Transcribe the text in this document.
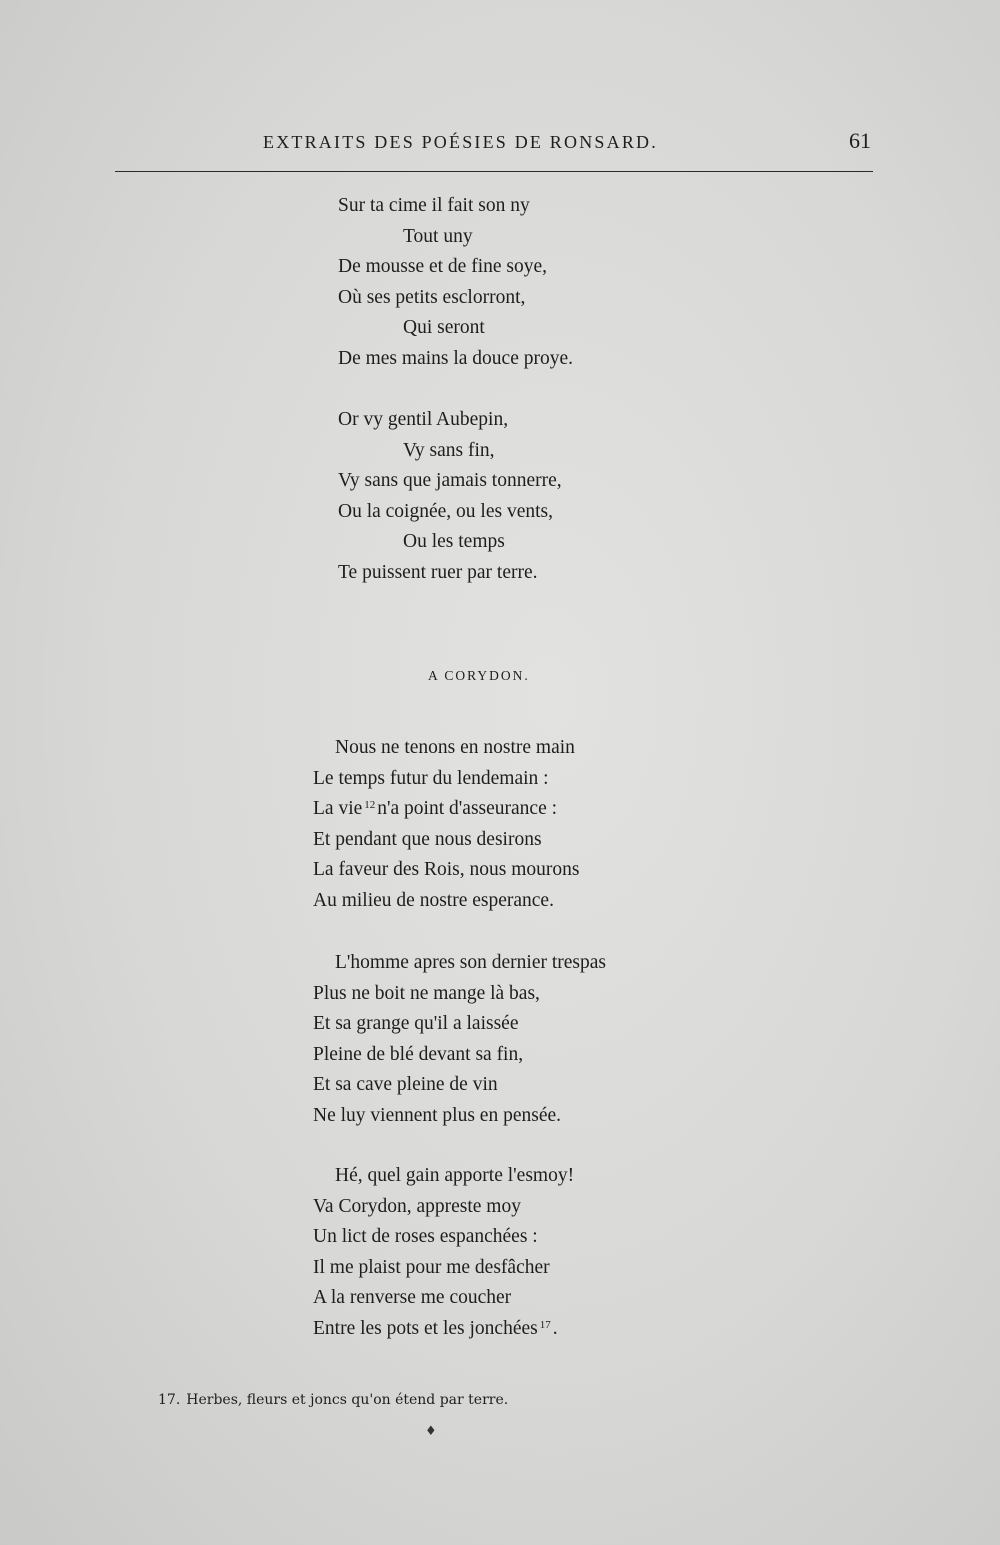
EXTRAITS DES POÉSIES DE RONSARD.	61
Sur ta cime il fait son ny
Tout uny
De mousse et de fine soye,
Où ses petits esclorront,
Qui seront
De mes mains la douce proye.
Or vy gentil Aubepin,
Vy sans fin,
Vy sans que jamais tonnerre,
Ou la coignée, ou les vents,
Ou les temps
Te puissent ruer par terre.
A CORYDON.
Nous ne tenons en nostre main
Le temps futur du lendemain :
La vie $^{12}$ n'a point d'asseurance :
Et pendant que nous desirons
La faveur des Rois, nous mourons
Au milieu de nostre esperance.
L'homme apres son dernier trespas
Plus ne boit ne mange là bas,
Et sa grange qu'il a laissée
Pleine de blé devant sa fin,
Et sa cave pleine de vin
Ne luy viennent plus en pensée.
Hé, quel gain apporte l'esmoy!
Va Corydon, appreste moy
Un lict de roses espanchées :
Il me plaist pour me desfâcher
A la renverse me coucher
Entre les pots et les jonchées $^{17}$ .
17. Herbes, fleurs et joncs qu'on étend par terre.
♦
